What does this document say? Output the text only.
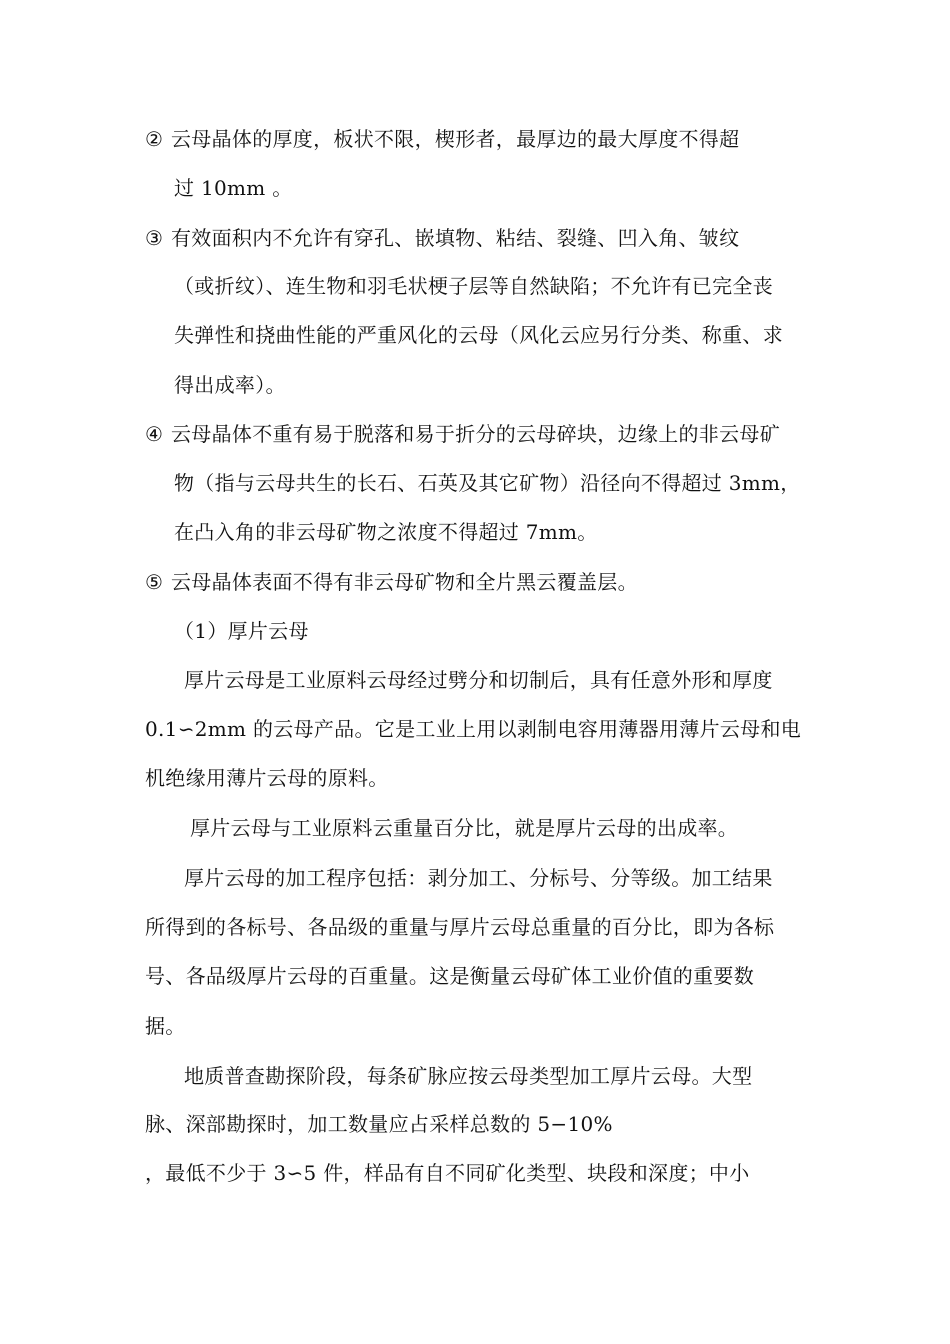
② 云母晶体的厚度，板状不限，楔形者，最厚边的最大厚度不得超
过 10mm 。
③ 有效面积内不允许有穿孔、嵌填物、粘结、裂缝、凹入角、皱纹
（或折纹）、连生物和羽毛状梗子层等自然缺陷；不允许有已完全丧
失弹性和挠曲性能的严重风化的云母（风化云应另行分类、称重、求
得出成率）。
④ 云母晶体不重有易于脱落和易于折分的云母碎块，边缘上的非云母矿
物（指与云母共生的长石、石英及其它矿物）沿径向不得超过 3mm，
在凸入角的非云母矿物之浓度不得超过 7mm。
⑤ 云母晶体表面不得有非云母矿物和全片黑云覆盖层。
（1）厚片云母
厚片云母是工业原料云母经过劈分和切制后，具有任意外形和厚度
0.1∽2mm 的云母产品。它是工业上用以剥制电容用薄器用薄片云母和电
机绝缘用薄片云母的原料。
厚片云母与工业原料云重量百分比，就是厚片云母的出成率。
厚片云母的加工程序包括：剥分加工、分标号、分等级。加工结果
所得到的各标号、各品级的重量与厚片云母总重量的百分比，即为各标
号、各品级厚片云母的百重量。这是衡量云母矿体工业价值的重要数
据。
地质普查勘探阶段，每条矿脉应按云母类型加工厚片云母。大型
脉、深部勘探时，加工数量应占采样总数的 5−10%
，最低不少于 3∽5 件，样品有自不同矿化类型、块段和深度；中小
